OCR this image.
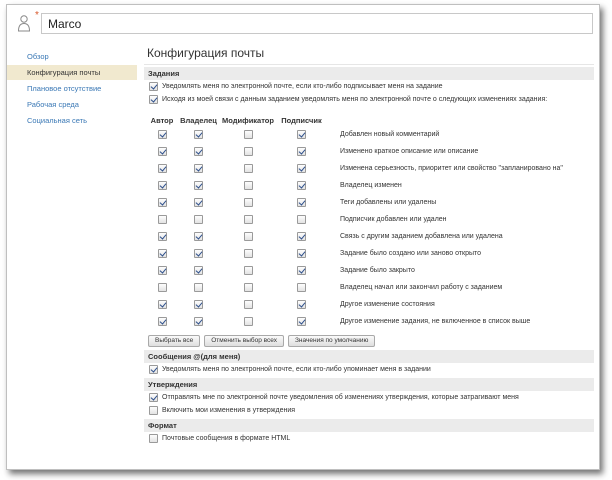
*
Marco
Обзор
Конфигурация почты
Плановое отсутствие
Рабочая среда
Социальная сеть
Конфигурация почты
Задания
Уведомлять меня по электронной почте, если кто-либо подписывает меня на задание
Исходя из моей связи с данным заданием уведомлять меня по электронной почте о следующих изменениях задания:
Автор Владелец Модификатор Подписчик
Добавлен новый комментарий
Изменено краткое описание или описание
Изменена серьезность, приоритет или свойство "запланировано на"
Владелец изменен
Теги добавлены или удалены
Подписчик добавлен или удален
Связь с другим заданием добавлена или удалена
Задание было создано или заново открыто
Задание было закрыто
Владелец начал или закончил работу с заданием
Другое изменение состояния
Другое изменение задания, не включенное в список выше
Выбрать все	Отменить выбор всех	Значения по умолчанию
Сообщения @(для меня)
Уведомлять меня по электронной почте, если кто-либо упоминает меня в задании
Утверждения
Отправлять мне по электронной почте уведомления об изменениях утверждения, которые затрагивают меня
Включить мои изменения в утверждения
Формат
Почтовые сообщения в формате HTML
